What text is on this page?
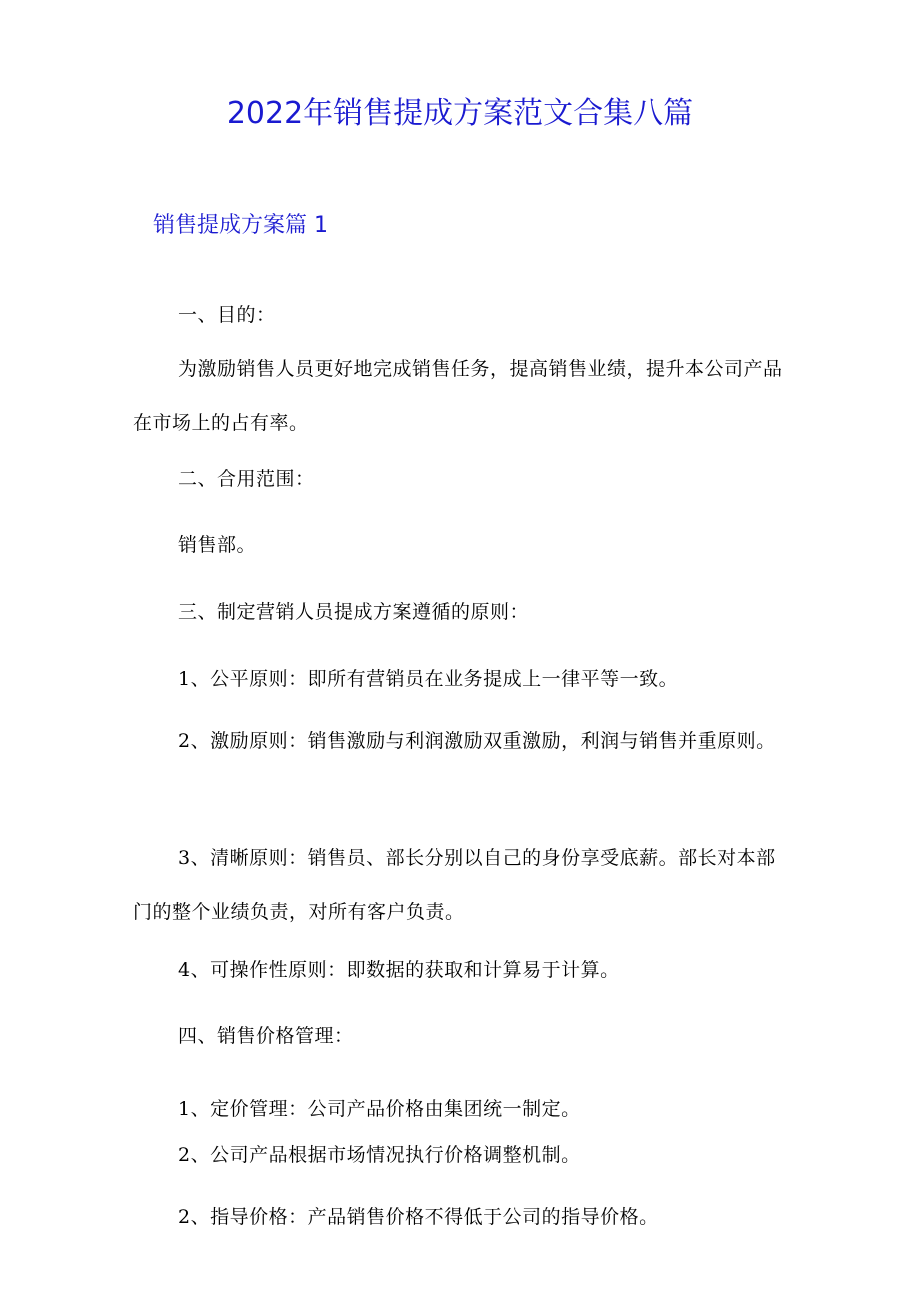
2022年销售提成方案范文合集八篇
销售提成方案篇 1

一、目的：

为激励销售人员更好地完成销售任务，提高销售业绩，提升本公司产品在市场上的占有率。

二、合用范围：

销售部。

三、制定营销人员提成方案遵循的原则：

1、公平原则：即所有营销员在业务提成上一律平等一致。

2、激励原则：销售激励与利润激励双重激励，利润与销售并重原则。

3、清晰原则：销售员、部长分别以自己的身份享受底薪。部长对本部门的整个业绩负责，对所有客户负责。

4、可操作性原则：即数据的获取和计算易于计算。

四、销售价格管理：

1、定价管理：公司产品价格由集团统一制定。

2、公司产品根据市场情况执行价格调整机制。

2、指导价格：产品销售价格不得低于公司的指导价格。
